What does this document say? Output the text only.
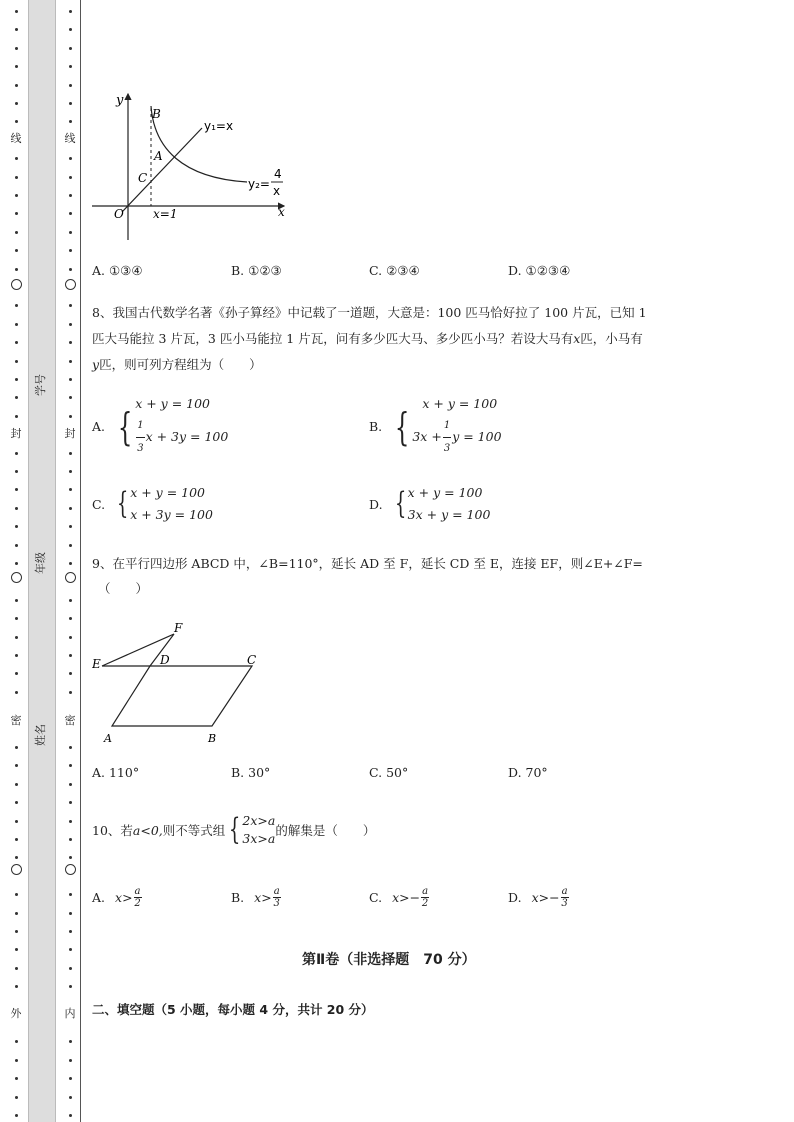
线
封
密
外
线
封
密
内
学号
年级
姓名
y
x
O
B
A
C
y₁=x
y₂=
4
x
x=1
A. ①③④	B. ①②③	C. ②③④	D. ①②③④
8、我国古代数学名著《孙子算经》中记载了一道题，大意是：100 匹马恰好拉了 100 片瓦，已知 1
匹大马能拉 3 片瓦，3 匹小马能拉 1 片瓦，问有多少匹大马、多少匹小马？若设大马有x匹，小马有
y匹，则可列方程组为（　　）
A. {
x + y = 100
$\frac{1}{3}$ x + 3y = 100
B. {
x + y = 100
$3x + \frac{1}{3}$ y = 100
C. { x + y = 100
x + 3y = 100
D. { x + y = 100
3x + y = 100
9、在平行四边形 ABCD 中，∠B=110°，延长 AD 至 F，延长 CD 至 E，连接 EF，则∠E+∠F=
（　　）
F
E	D	C
A	B
A. 110°	B. 30°	C. 50°	D. 70°
10、若 a<0, 则不等式组 { 2x>a
3x>a
的解集是（　　）
A. $x> \frac{a}{2}$	B. $x> \frac{a}{3}$	C. $x>- \frac{a}{2}$	D. $x>- \frac{a}{3}$
第Ⅱ卷（非选择题　70 分）
二、填空题（5 小题，每小题 4 分，共计 20 分）
